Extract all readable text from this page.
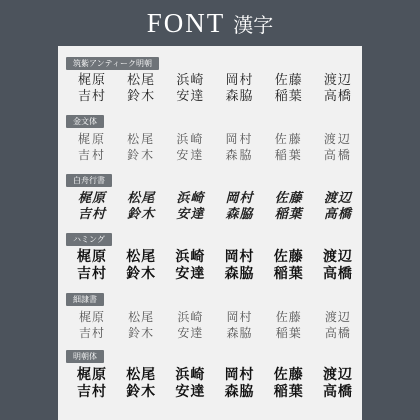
FONT 漢字
筑紫アンティーク明朝
梶原	松尾	浜崎	岡村	佐藤	渡辺
吉村	鈴木	安達	森脇	稲葉	高橋
金文体
梶原	松尾	浜崎	岡村	佐藤	渡辺
吉村	鈴木	安達	森脇	稲葉	高橋
白舟行書
梶原	松尾	浜崎	岡村	佐藤	渡辺
吉村	鈴木	安達	森脇	稲葉	高橋
ハミング
梶原	松尾	浜崎	岡村	佐藤	渡辺
吉村	鈴木	安達	森脇	稲葉	高橋
細隷書
梶原	松尾	浜崎	岡村	佐藤	渡辺
吉村	鈴木	安達	森脇	稲葉	高橋
明朝体
梶原	松尾	浜崎	岡村	佐藤	渡辺
吉村	鈴木	安達	森脇	稲葉	高橋
